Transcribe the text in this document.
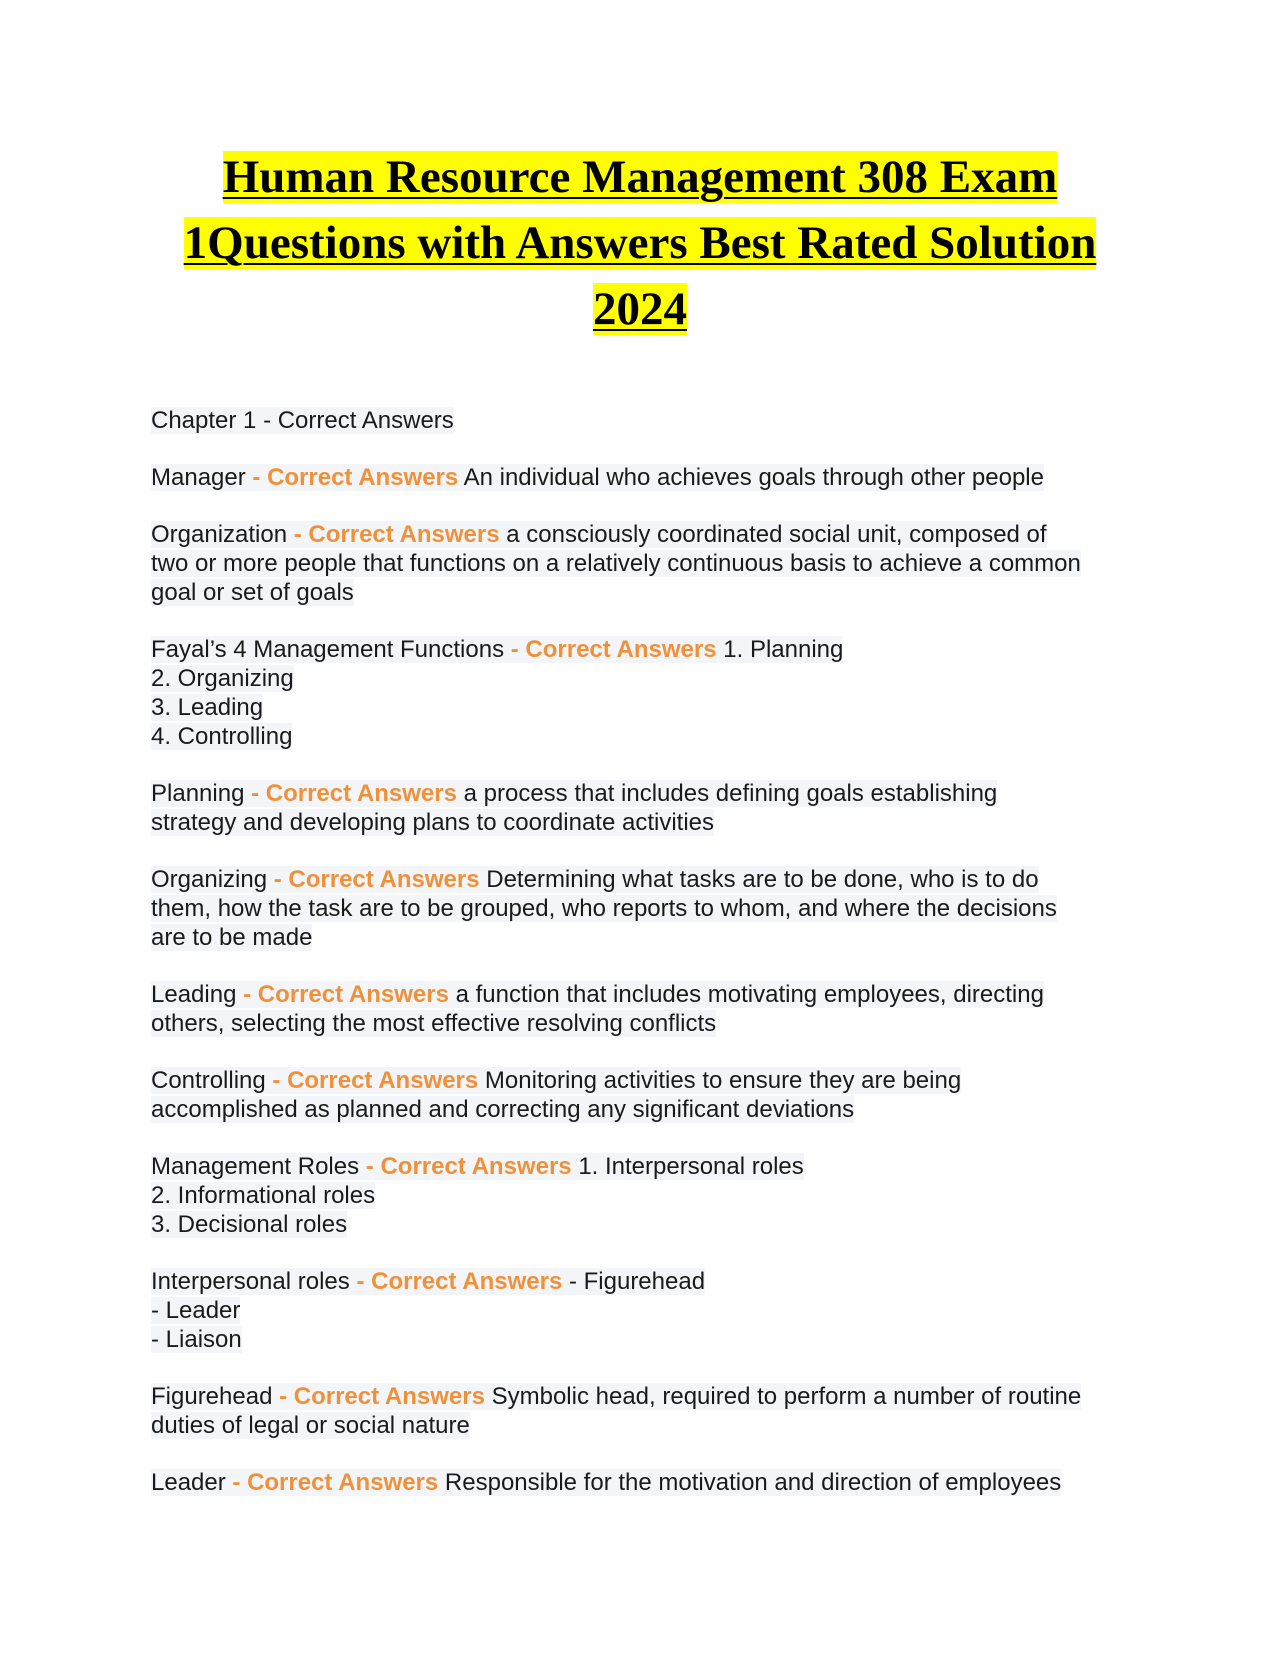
Human Resource Management 308 Exam
1Questions with Answers Best Rated Solution
2024
Chapter 1 - Correct Answers
Manager - Correct Answers An individual who achieves goals through other people
Organization - Correct Answers a consciously coordinated social unit, composed of
two or more people that functions on a relatively continuous basis to achieve a common
goal or set of goals
Fayal’s 4 Management Functions - Correct Answers 1. Planning
2. Organizing
3. Leading
4. Controlling
Planning - Correct Answers a process that includes defining goals establishing
strategy and developing plans to coordinate activities
Organizing - Correct Answers Determining what tasks are to be done, who is to do
them, how the task are to be grouped, who reports to whom, and where the decisions
are to be made
Leading - Correct Answers a function that includes motivating employees, directing
others, selecting the most effective resolving conflicts
Controlling - Correct Answers Monitoring activities to ensure they are being
accomplished as planned and correcting any significant deviations
Management Roles - Correct Answers 1. Interpersonal roles
2. Informational roles
3. Decisional roles
Interpersonal roles - Correct Answers - Figurehead
- Leader
- Liaison
Figurehead - Correct Answers Symbolic head, required to perform a number of routine
duties of legal or social nature
Leader - Correct Answers Responsible for the motivation and direction of employees
